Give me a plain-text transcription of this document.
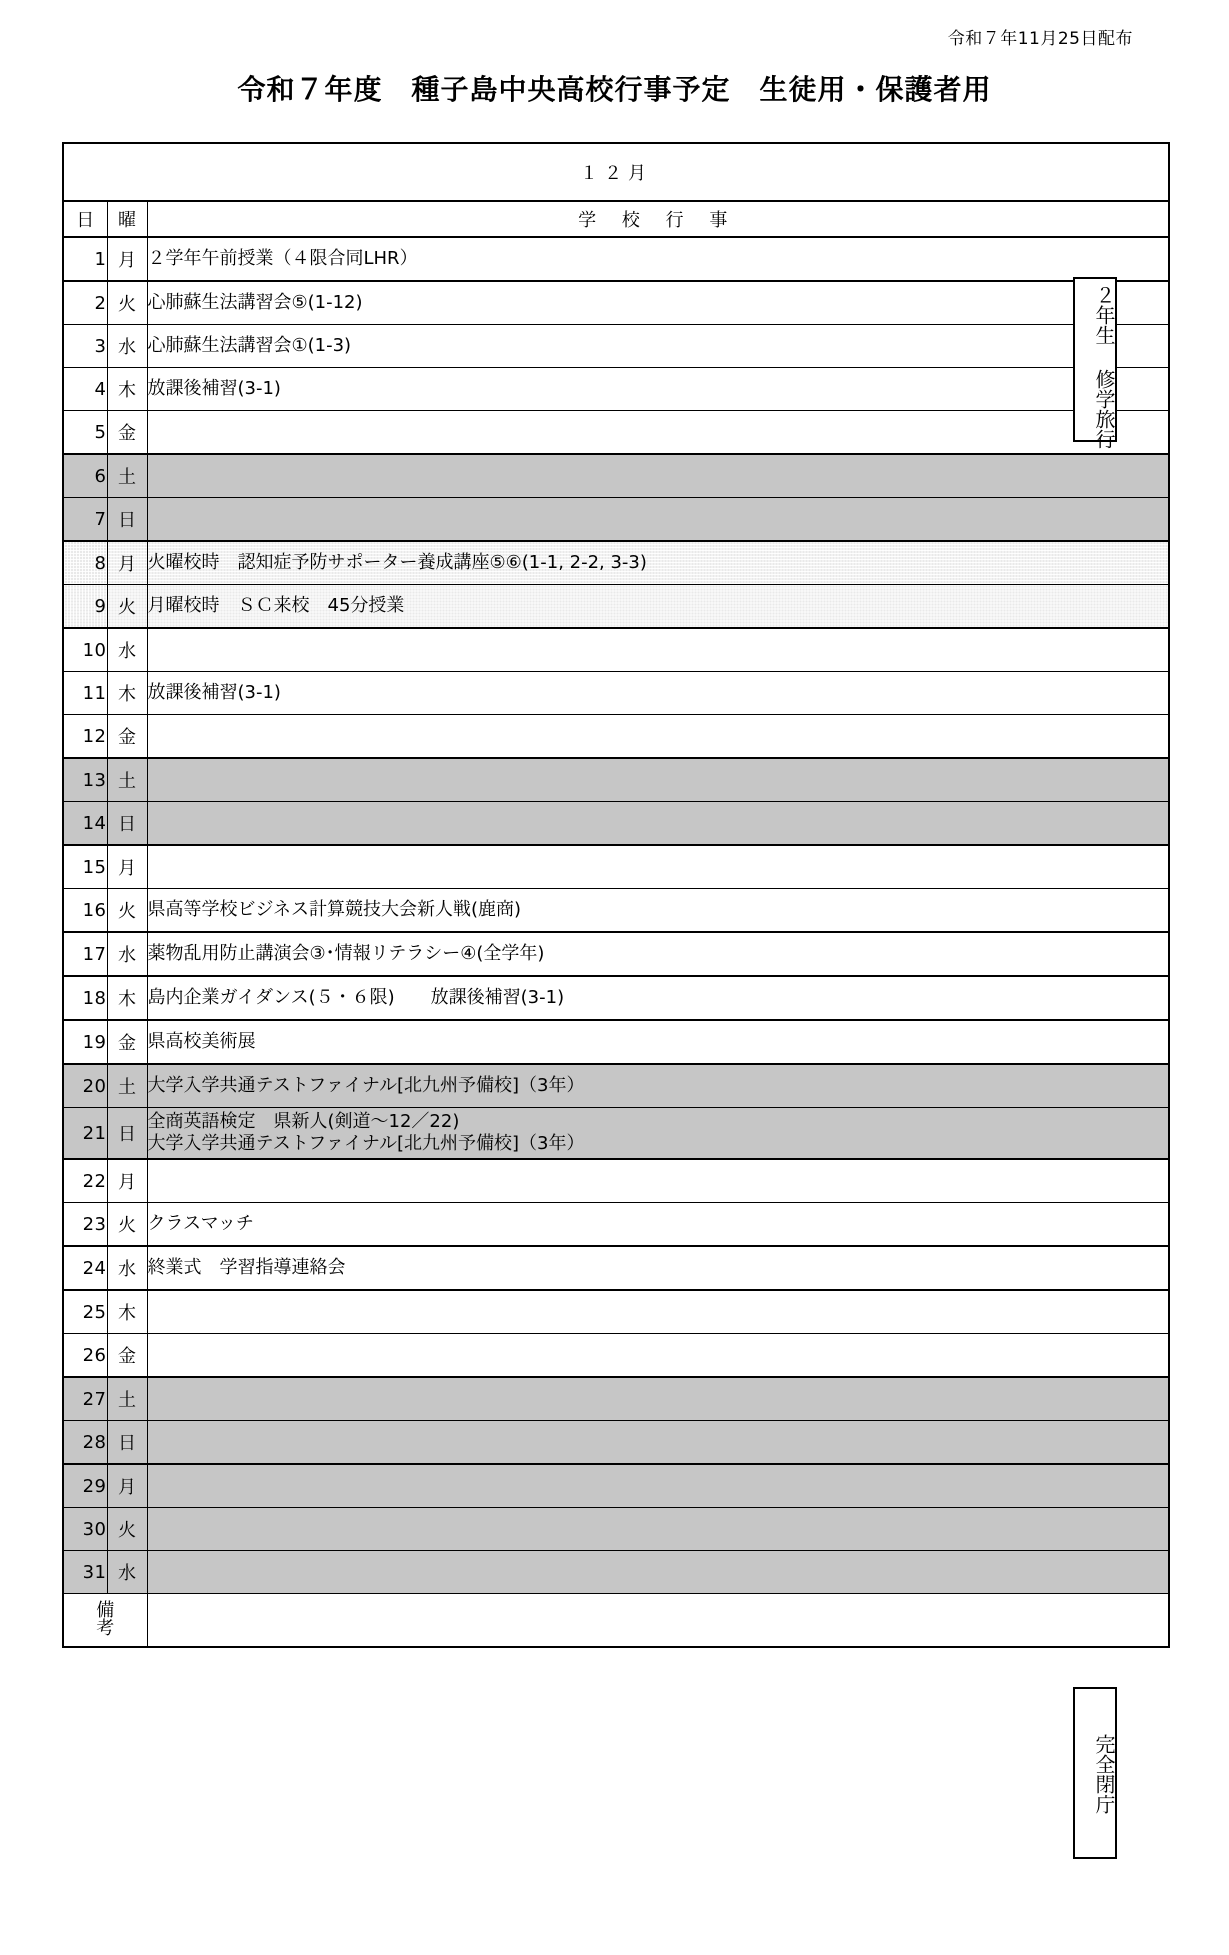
令和７年11月25日配布
令和７年度　種子島中央高校行事予定　生徒用・保護者用
１２月		
日	曜	学 校 行 事
1	月	２学年午前授業（４限合同LHR）
2	火	心肺蘇生法講習会⑤(1-12)
3	水	心肺蘇生法講習会①(1-3)
4	木	放課後補習(3-1)
5	金	
6	土	
7	日	
8	月	火曜校時　認知症予防サポーター養成講座⑤⑥(1-1, 2-2, 3-3)
9	火	月曜校時　ＳＣ来校　45分授業
10	水	
11	木	放課後補習(3-1)
12	金	
13	土	
14	日	
15	月	
16	火	県高等学校ビジネス計算競技大会新人戦(鹿商)
17	水	薬物乱用防止講演会③･情報リテラシー④(全学年)
18	木	島内企業ガイダンス(５・６限)　　放課後補習(3-1)
19	金	県高校美術展
20	土	大学入学共通テストファイナル[北九州予備校]（3年）
21	日	全商英語検定　県新人(剣道〜12／22)
大学入学共通テストファイナル[北九州予備校]（3年）

22	月	
23	火	クラスマッチ
24	水	終業式　学習指導連絡会
25	木	
26	金	
27	土	
28	日	
29	月	
30	火	
31	水	

備
考		

２年生 修学旅行
完全閉庁
